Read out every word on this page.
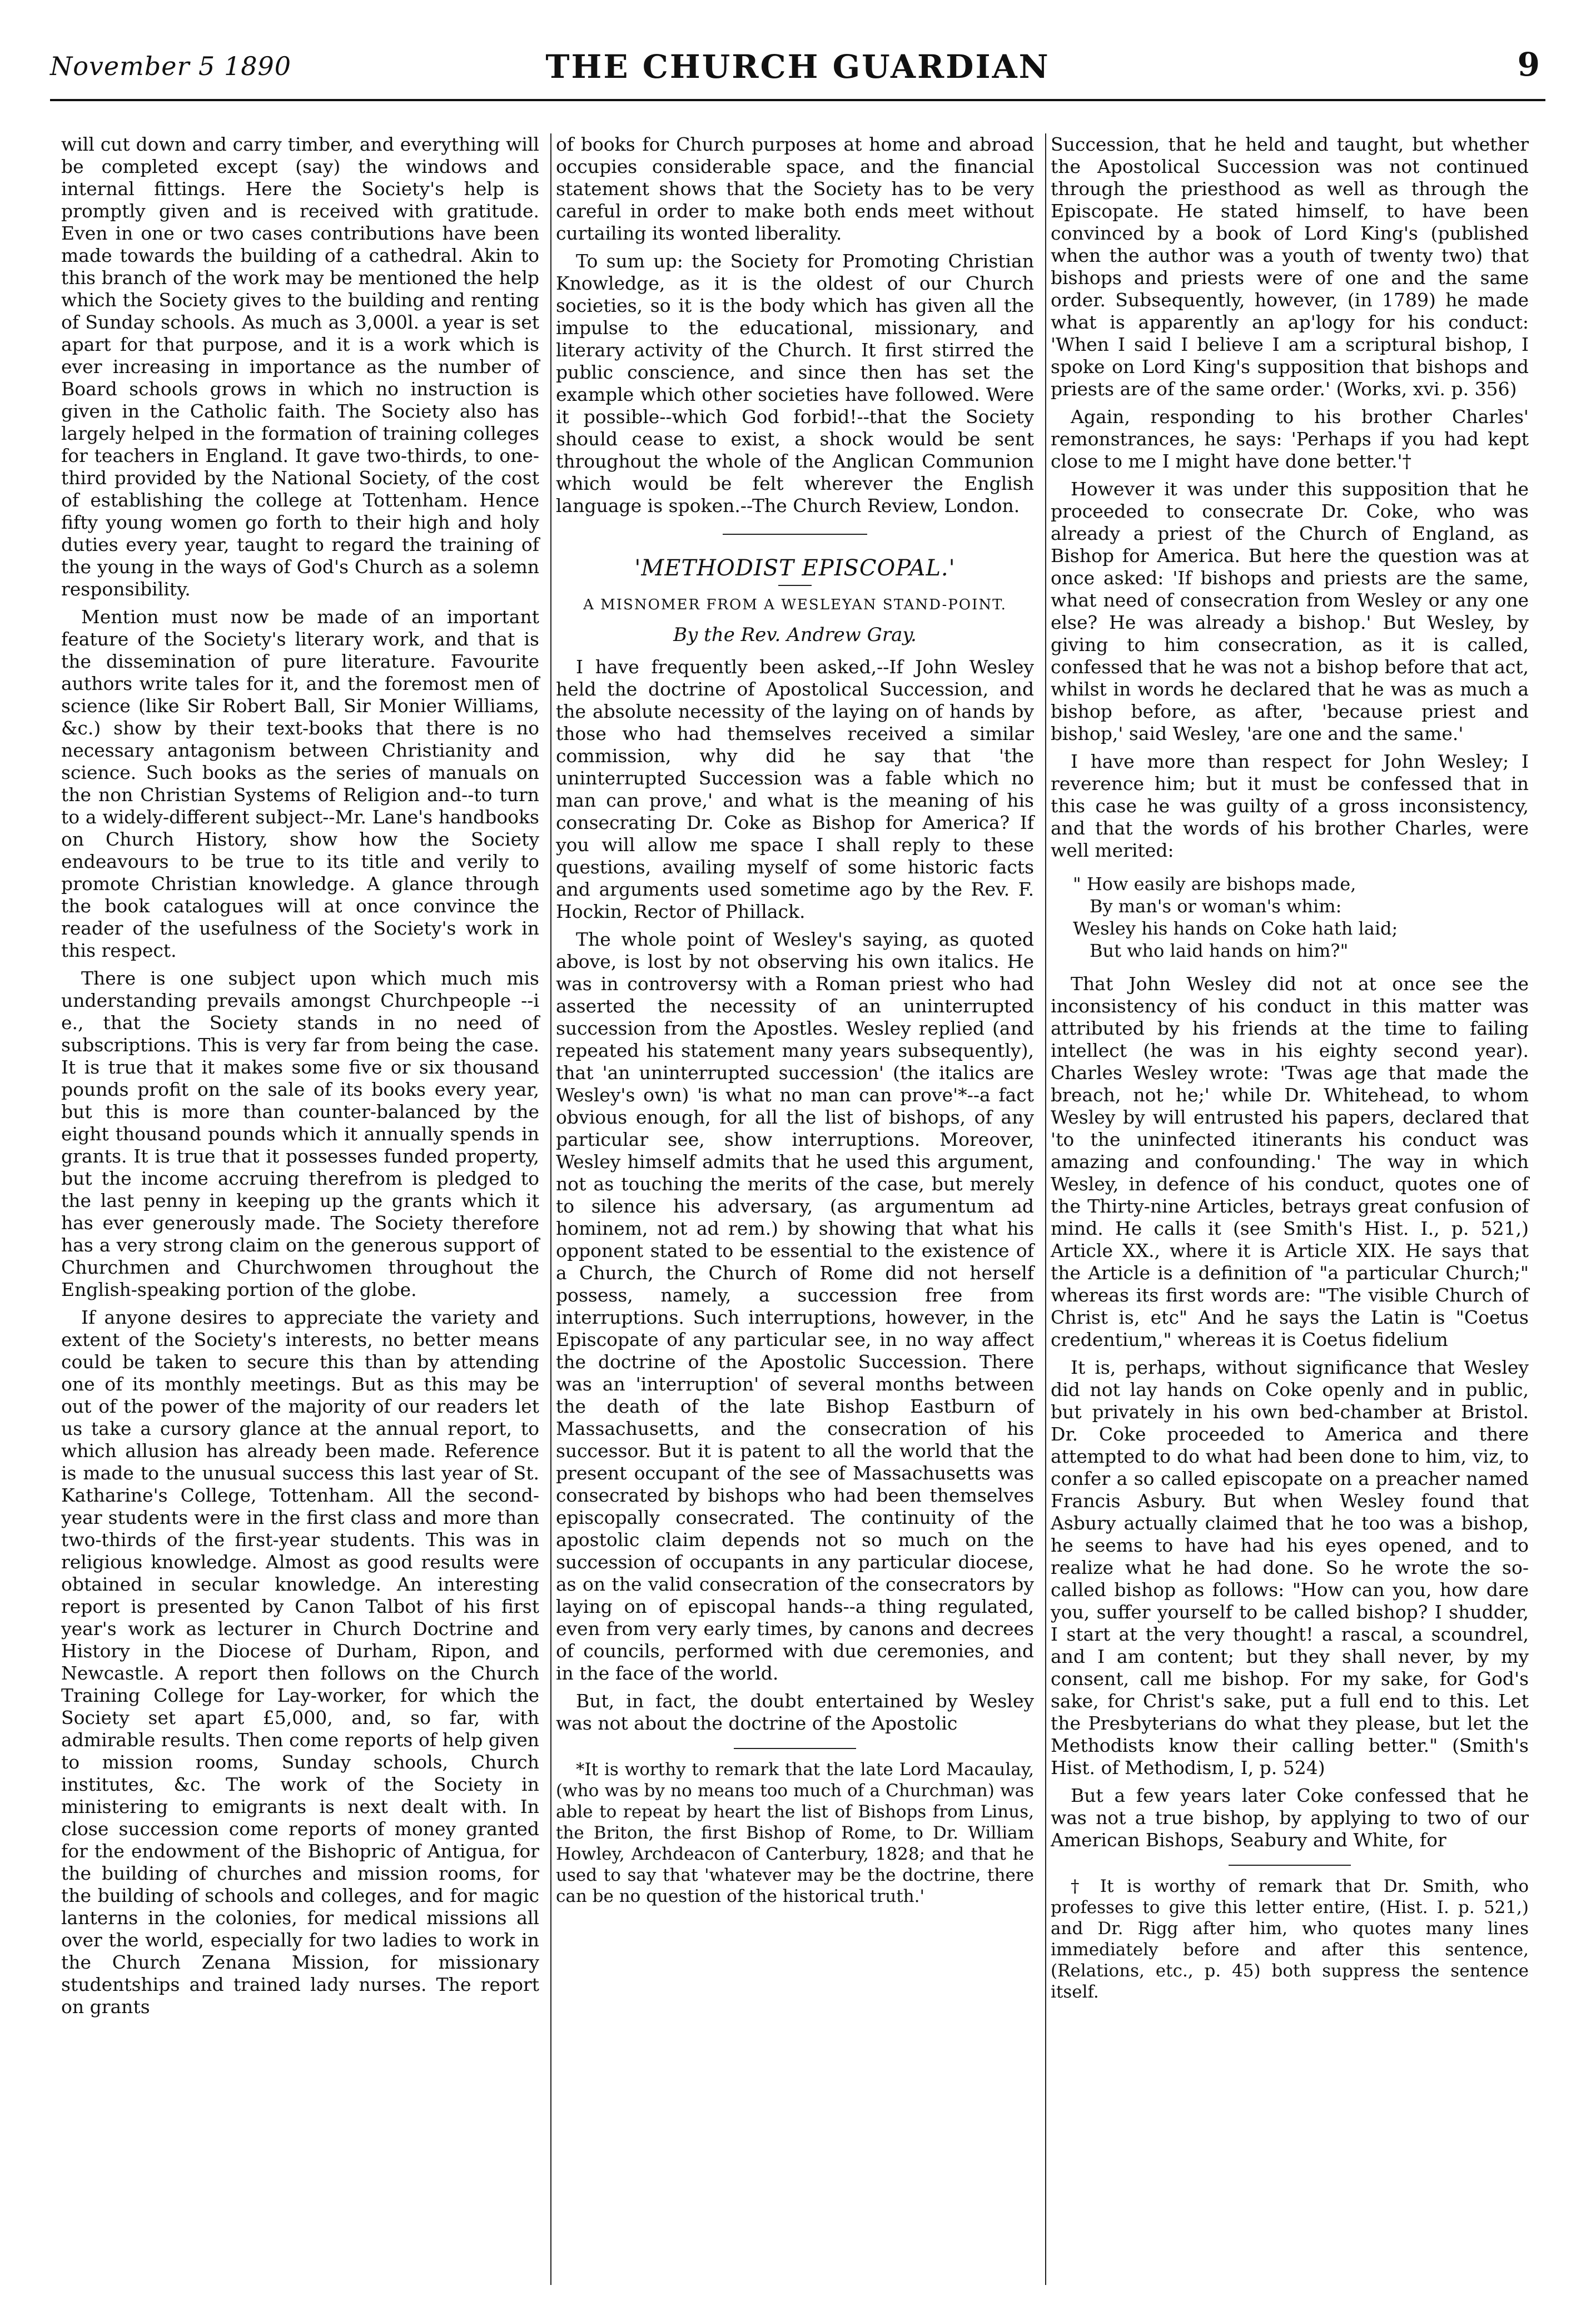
November 5 1890	THE CHURCH GUARDIAN	9

will cut down and carry timber, and everything will be completed except (say) the windows and internal fittings. Here the Society's help is promptly given and is received with gratitude. Even in one or two cases contributions have been made towards the building of a cathedral. Akin to this branch of the work may be mentioned the help which the Society gives to the building and renting of Sunday schools. As much as 3,000l. a year is set apart for that purpose, and it is a work which is ever increasing in importance as the number of Board schools grows in which no instruction is given in the Catholic faith. The Society also has largely helped in the formation of training colleges for teachers in England. It gave two-thirds, to one-third provided by the National Society, of the cost of establishing the college at Tottenham. Hence fifty young women go forth to their high and holy duties every year, taught to regard the training of the young in the ways of God's Church as a solemn responsibility.

Mention must now be made of an important feature of the Society's literary work, and that is the dissemination of pure literature. Favourite authors write tales for it, and the foremost men of science (like Sir Robert Ball, Sir Monier Williams, &c.) show by their text-books that there is no necessary antagonism between Christianity and science. Such books as the series of manuals on the non Christian Systems of Religion and--to turn to a widely-different subject--Mr. Lane's handbooks on Church History, show how the Society endeavours to be true to its title and verily to promote Christian knowledge. A glance through the book catalogues will at once convince the reader of the usefulness of the Society's work in this respect.

There is one subject upon which much mis understanding prevails amongst Churchpeople --i e., that the Society stands in no need of subscriptions. This is very far from being the case. It is true that it makes some five or six thousand pounds profit on the sale of its books every year, but this is more than counter-balanced by the eight thousand pounds which it annually spends in grants. It is true that it possesses funded property, but the income accruing therefrom is pledged to the last penny in keeping up the grants which it has ever generously made. The Society therefore has a very strong claim on the generous support of Churchmen and Churchwomen throughout the English-speaking portion of the globe.

If anyone desires to appreciate the variety and extent of the Society's interests, no better means could be taken to secure this than by attending one of its monthly meetings. But as this may be out of the power of the majority of our readers let us take a cursory glance at the annual report, to which allusion has already been made. Reference is made to the unusual success this last year of St. Katharine's College, Tottenham. All the second-year students were in the first class and more than two-thirds of the first-year students. This was in religious knowledge. Almost as good results were obtained in secular knowledge. An interesting report is presented by Canon Talbot of his first year's work as lecturer in Church Doctrine and History in the Diocese of Durham, Ripon, and Newcastle. A report then follows on the Church Training College for Lay-worker, for which the Society set apart £5,000, and, so far, with admirable results. Then come reports of help given to mission rooms, Sunday schools, Church institutes, &c. The work of the Society in ministering to emigrants is next dealt with. In close succession come reports of money granted for the endowment of the Bishopric of Antigua, for the building of churches and mission rooms, for the building of schools and colleges, and for magic lanterns in the colonies, for medical missions all over the world, especially for two ladies to work in the Church Zenana Mission, for missionary studentships and trained lady nurses. The report on grants

of books for Church purposes at home and abroad occupies considerable space, and the financial statement shows that the Society has to be very careful in order to make both ends meet without curtailing its wonted liberality.

To sum up: the Society for Promoting Christian Knowledge, as it is the oldest of our Church societies, so it is the body which has given all the impulse to the educational, missionary, and literary activity of the Church. It first stirred the public conscience, and since then has set the example which other societies have followed. Were it possible--which God forbid!--that the Society should cease to exist, a shock would be sent throughout the whole of the Anglican Communion which would be felt wherever the English language is spoken.--The Church Review, London.

'METHODIST EPISCOPAL.'
A MISNOMER FROM A WESLEYAN STAND-POINT.
By the Rev. Andrew Gray.

I have frequently been asked,--If John Wesley held the doctrine of Apostolical Succession, and the absolute necessity of the laying on of hands by those who had themselves received a similar commission, why did he say that 'the uninterrupted Succession was a fable which no man can prove,' and what is the meaning of his consecrating Dr. Coke as Bishop for America? If you will allow me space I shall reply to these questions, availing myself of some historic facts and arguments used sometime ago by the Rev. F. Hockin, Rector of Phillack.

The whole point of Wesley's saying, as quoted above, is lost by not observing his own italics. He was in controversy with a Roman priest who had asserted the necessity of an uninterrupted succession from the Apostles. Wesley replied (and repeated his statement many years subsequently), that 'an uninterrupted succession' (the italics are Wesley's own) 'is what no man can prove'*--a fact obvious enough, for all the list of bishops, of any particular see, show interruptions. Moreover, Wesley himself admits that he used this argument, not as touching the merits of the case, but merely to silence his adversary, (as argumentum ad hominem, not ad rem.) by showing that what his opponent stated to be essential to the existence of a Church, the Church of Rome did not herself possess, namely, a succession free from interruptions. Such interruptions, however, in the Episcopate of any particular see, in no way affect the doctrine of the Apostolic Succession. There was an 'interruption' of several months between the death of the late Bishop Eastburn of Massachusetts, and the consecration of his successor. But it is patent to all the world that the present occupant of the see of Massachusetts was consecrated by bishops who had been themselves episcopally consecrated. The continuity of the apostolic claim depends not so much on the succession of occupants in any particular diocese, as on the valid consecration of the consecrators by laying on of episcopal hands--a thing regulated, even from very early times, by canons and decrees of councils, performed with due ceremonies, and in the face of the world.

But, in fact, the doubt entertained by Wesley was not about the doctrine of the Apostolic

*It is worthy to remark that the late Lord Macaulay, (who was by no means too much of a Churchman) was able to repeat by heart the list of Bishops from Linus, the Briton, the first Bishop of Rome, to Dr. William Howley, Archdeacon of Canterbury, 1828; and that he used to say that 'whatever may be the doctrine, there can be no question of the historical truth.'

Succession, that he held and taught, but whether the Apostolical Succession was not continued through the priesthood as well as through the Episcopate. He stated himself, to have been convinced by a book of Lord King's (published when the author was a youth of twenty two) that bishops and priests were of one and the same order. Subsequently, however, (in 1789) he made what is apparently an ap'logy for his conduct: 'When I said I believe I am a scriptural bishop, I spoke on Lord King's supposition that bishops and priests are of the same order.' (Works, xvi. p. 356)

Again, responding to his brother Charles' remonstrances, he says: 'Perhaps if you had kept close to me I might have done better.'†

However it was under this supposition that he proceeded to consecrate Dr. Coke, who was already a priest of the Church of England, as Bishop for America. But here the question was at once asked: 'If bishops and priests are the same, what need of consecration from Wesley or any one else? He was already a bishop.' But Wesley, by giving to him consecration, as it is called, confessed that he was not a bishop before that act, whilst in words he declared that he was as much a bishop before, as after, 'because priest and bishop,' said Wesley, 'are one and the same.'

I have more than respect for John Wesley; I reverence him; but it must be confessed that in this case he was guilty of a gross inconsistency, and that the words of his brother Charles, were well merited:

" How easily are bishops made,
By man's or woman's whim:
Wesley his hands on Coke hath laid;
But who laid hands on him?"

That John Wesley did not at once see the inconsistency of his conduct in this matter was attributed by his friends at the time to failing intellect (he was in his eighty second year). Charles Wesley wrote: 'Twas age that made the breach, not he;' while Dr. Whitehead, to whom Wesley by will entrusted his papers, declared that 'to the uninfected itinerants his conduct was amazing and confounding.' The way in which Wesley, in defence of his conduct, quotes one of the Thirty-nine Articles, betrays great confusion of mind. He calls it (see Smith's Hist. I., p. 521,) Article XX., where it is Article XIX. He says that the Article is a definition of "a particular Church;" whereas its first words are: "The visible Church of Christ is, etc" And he says the Latin is "Coetus credentium," whereas it is Coetus fidelium

It is, perhaps, without significance that Wesley did not lay hands on Coke openly and in public, but privately in his own bed-chamber at Bristol. Dr. Coke proceeded to America and there attempted to do what had been done to him, viz, to confer a so called episcopate on a preacher named Francis Asbury. But when Wesley found that Asbury actually claimed that he too was a bishop, he seems to have had his eyes opened, and to realize what he had done. So he wrote the so-called bishop as follows: "How can you, how dare you, suffer yourself to be called bishop? I shudder, I start at the very thought! a rascal, a scoundrel, and I am content; but they shall never, by my consent, call me bishop. For my sake, for God's sake, for Christ's sake, put a full end to this. Let the Presbyterians do what they please, but let the Methodists know their calling better." (Smith's Hist. of Methodism, I, p. 524)

But a few years later Coke confessed that he was not a true bishop, by applying to two of our American Bishops, Seabury and White, for

† It is worthy of remark that Dr. Smith, who professes to give this letter entire, (Hist. I. p. 521,) and Dr. Rigg after him, who quotes many lines immediately before and after this sentence, (Relations, etc., p. 45) both suppress the sentence itself.
